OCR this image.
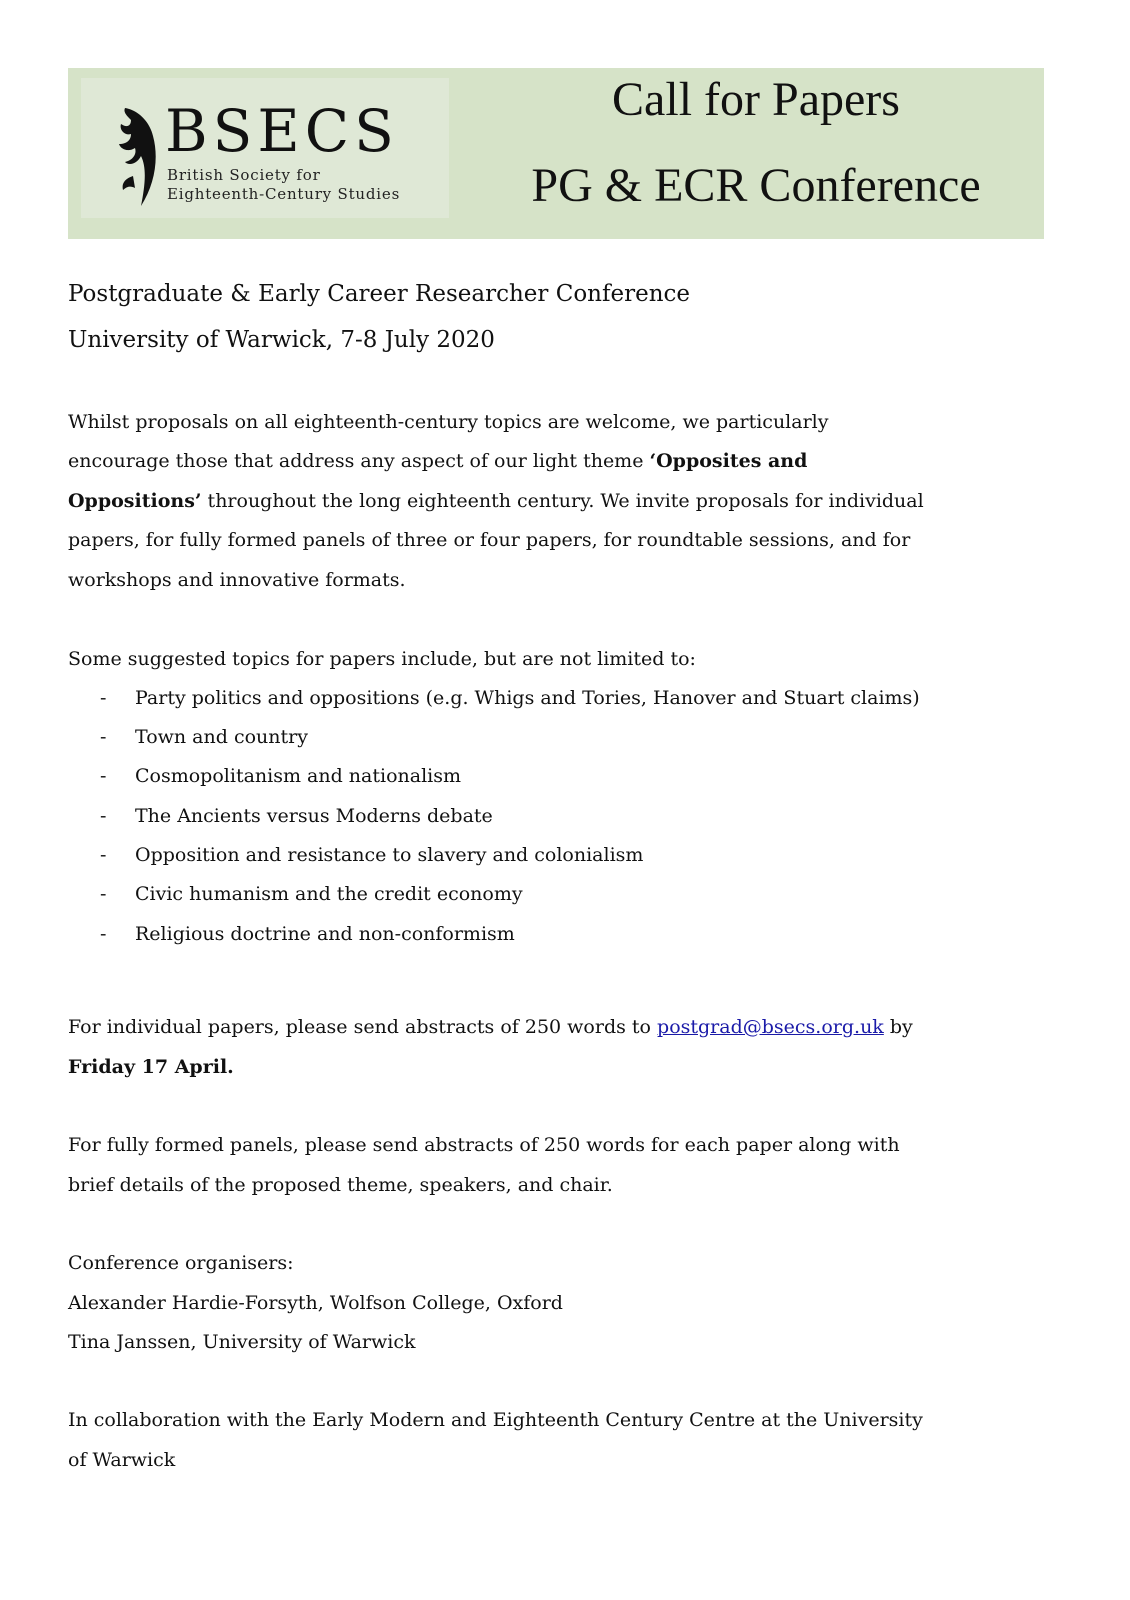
BSECS
British Society for
Eighteenth-Century Studies
Call for Papers
PG & ECR Conference
Postgraduate & Early Career Researcher Conference
University of Warwick, 7-8 July 2020
Whilst proposals on all eighteenth-century topics are welcome, we particularly
encourage those that address any aspect of our light theme ‘Opposites and
Oppositions’ throughout the long eighteenth century. We invite proposals for individual
papers, for fully formed panels of three or four papers, for roundtable sessions, and for
workshops and innovative formats.
Some suggested topics for papers include, but are not limited to:
- Party politics and oppositions (e.g. Whigs and Tories, Hanover and Stuart claims)
- Town and country
- Cosmopolitanism and nationalism
- The Ancients versus Moderns debate
- Opposition and resistance to slavery and colonialism
- Civic humanism and the credit economy
- Religious doctrine and non-conformism
For individual papers, please send abstracts of 250 words to postgrad@bsecs.org.uk by
Friday 17 April.
For fully formed panels, please send abstracts of 250 words for each paper along with
brief details of the proposed theme, speakers, and chair.
Conference organisers:
Alexander Hardie-Forsyth, Wolfson College, Oxford
Tina Janssen, University of Warwick
In collaboration with the Early Modern and Eighteenth Century Centre at the University
of Warwick
